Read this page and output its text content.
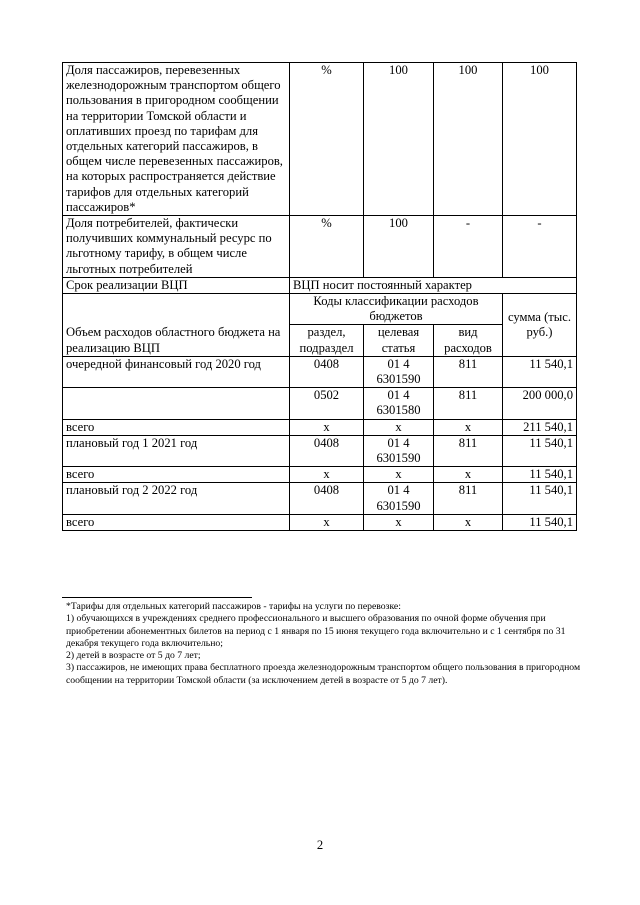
Доля пассажиров, перевезенных железнодорожным транспортом общего пользования в пригородном сообщении на территории Томской области и оплативших проезд по тарифам для отдельных категорий пассажиров, в общем числе перевезенных пассажиров, на которых распространяется действие тарифов для отдельных категорий пассажиров*	%	100	100	100
Доля потребителей, фактически получивших коммунальный ресурс по льготному тарифу, в общем числе льготных потребителей	%	100	-	-
Срок реализации ВЦП	ВЦП носит постоянный характер			
Объем расходов областного бюджета на реализацию ВЦП	Коды классификации расходов бюджетов			сумма (тыс. руб.)
	раздел, подраздел	целевая статья	вид расходов	
очередной финансовый год 2020 год	0408	01 4 6301590	811	11 540,1
	0502	01 4 6301580	811	200 000,0
всего	х	х	х	211 540,1
плановый год 1 2021 год	0408	01 4 6301590	811	11 540,1
всего	х	х	х	11 540,1
плановый год 2 2022 год	0408	01 4 6301590	811	11 540,1
всего	х	х	х	11 540,1

*Тарифы для отдельных категорий пассажиров - тарифы на услуги по перевозке:

1) обучающихся в учреждениях среднего профессионального и высшего образования по очной форме обучения при приобретении абонементных билетов на период с 1 января по 15 июня текущего года включительно и с 1 сентября по 31 декабря текущего года включительно;

2) детей в возрасте от 5 до 7 лет;

3) пассажиров, не имеющих права бесплатного проезда железнодорожным транспортом общего пользования в пригородном сообщении на территории Томской области (за исключением детей в возрасте от 5 до 7 лет).

2
